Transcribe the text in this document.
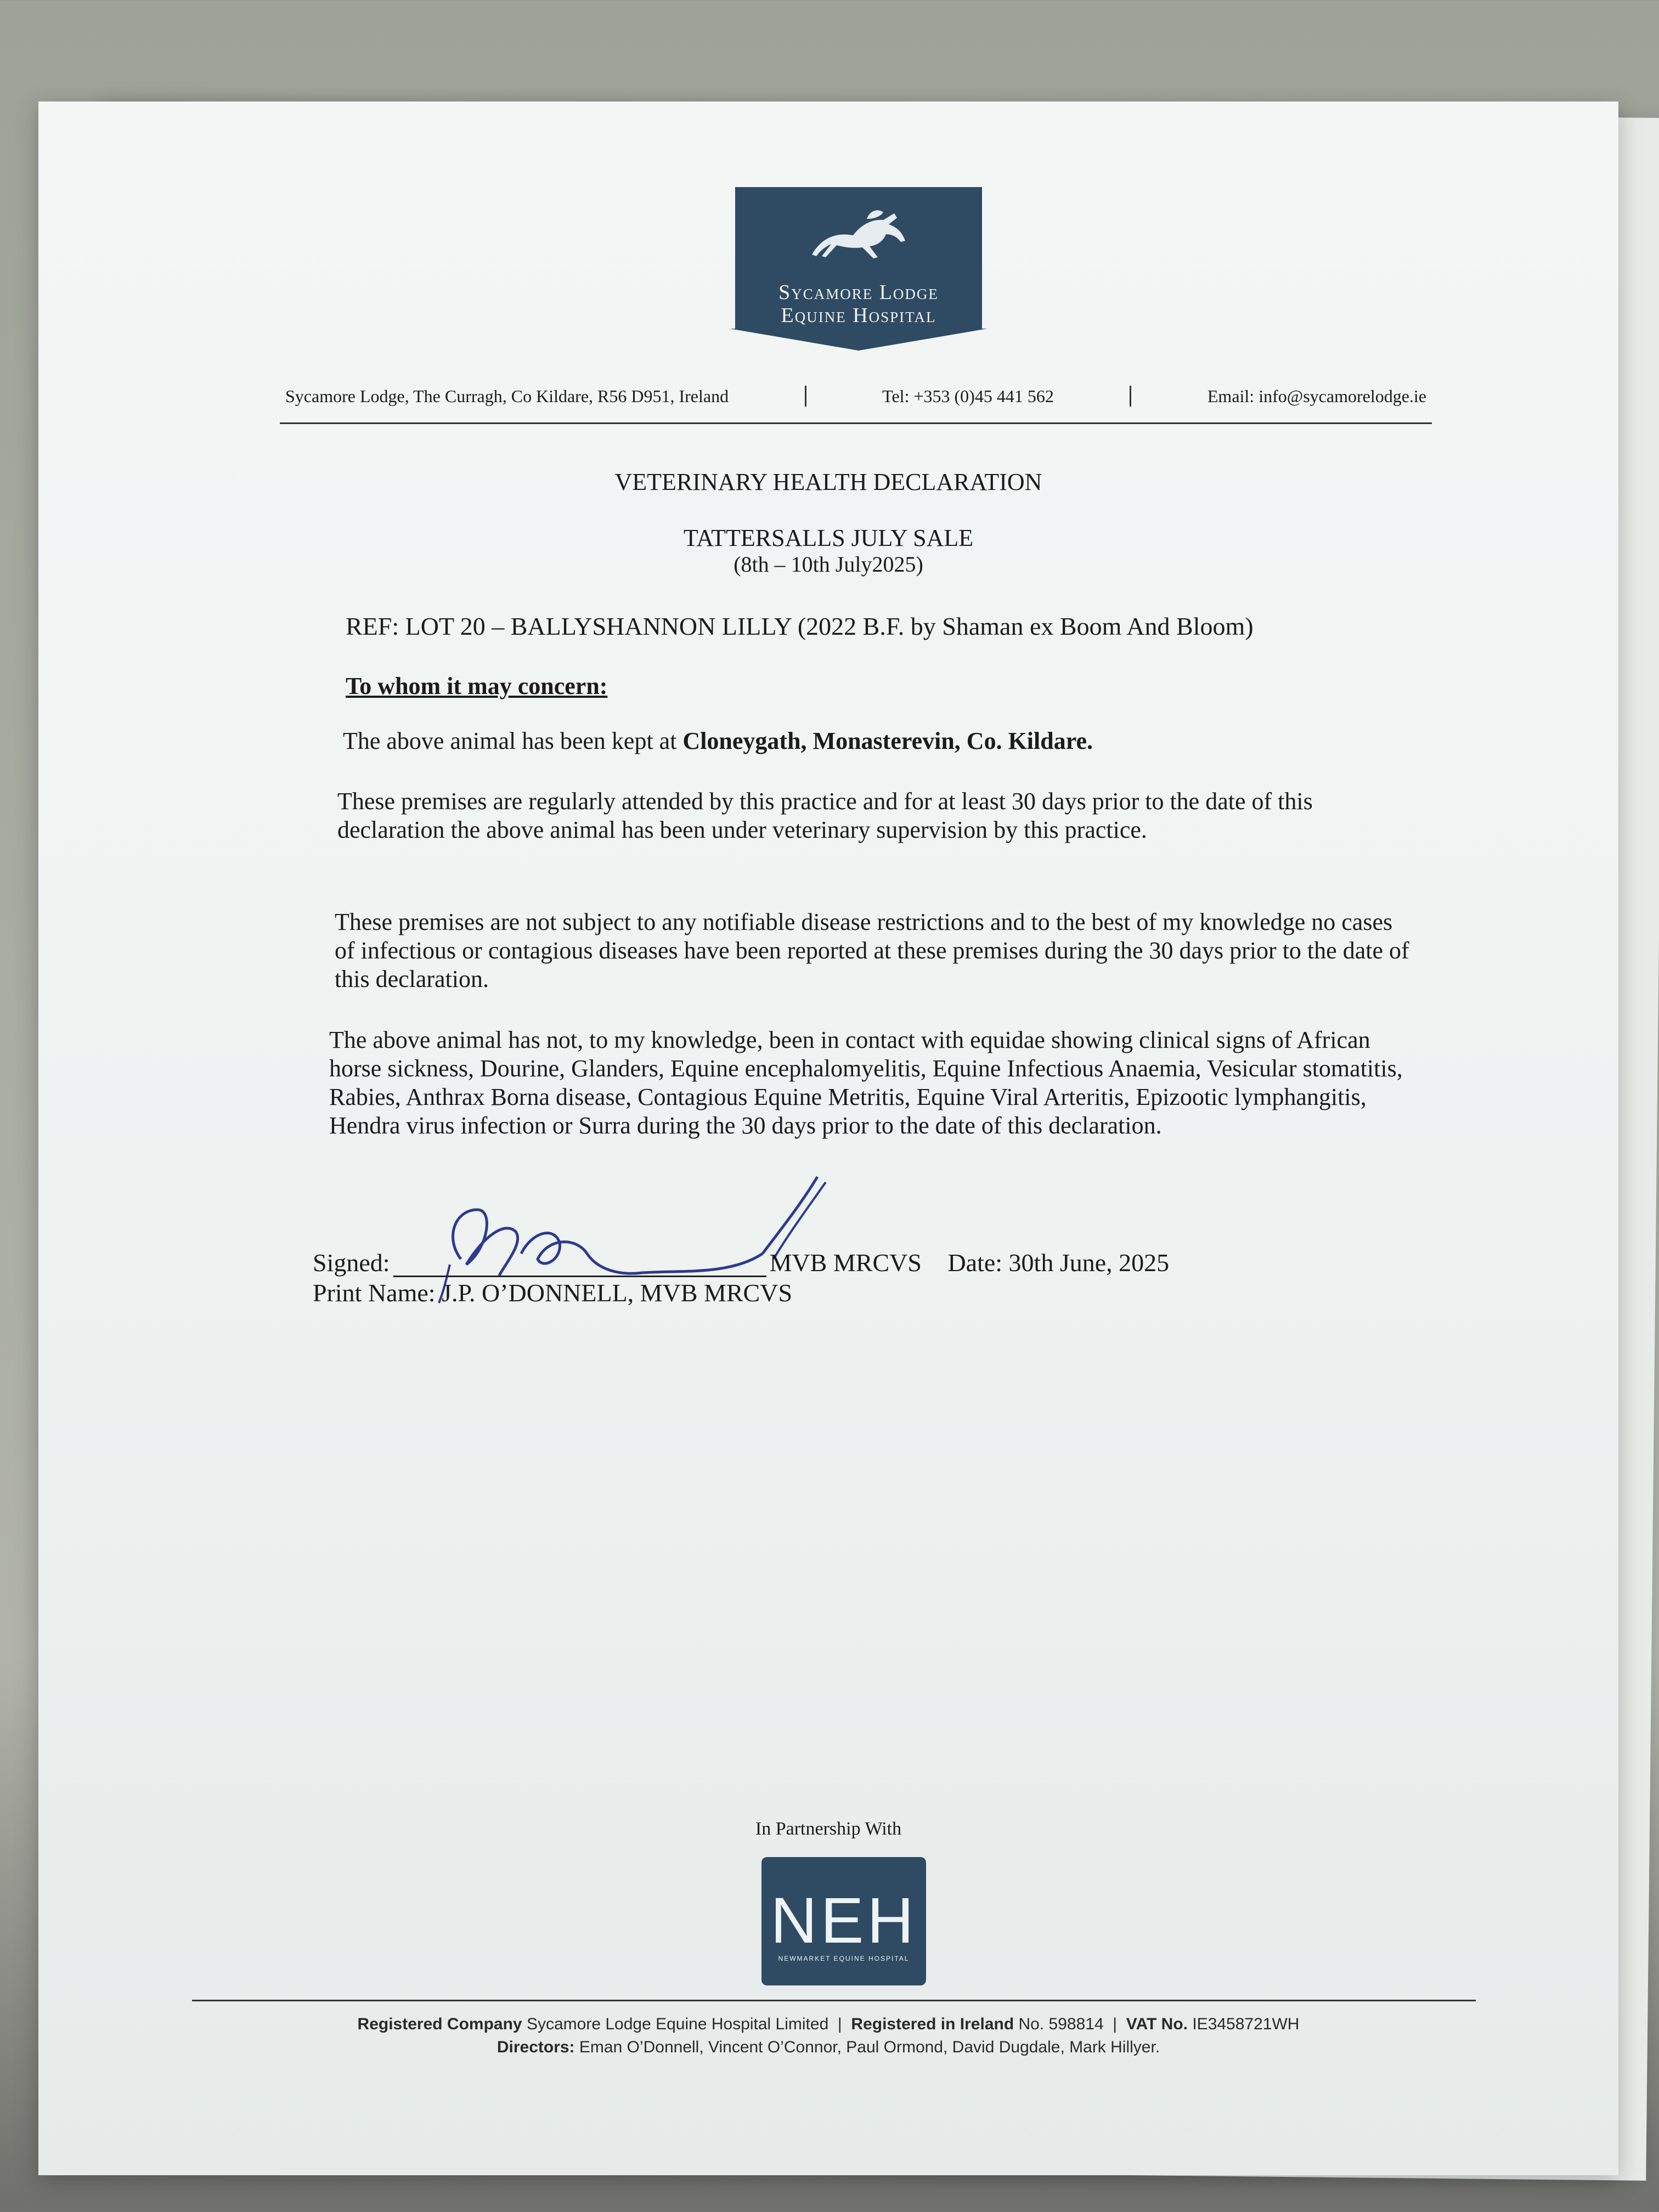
Sycamore Lodge
Equine Hospital
Sycamore Lodge, The Curragh, Co Kildare, R56 D951, Ireland	Tel: +353 (0)45 441 562	Email: info@sycamorelodge.ie
VETERINARY HEALTH DECLARATION
TATTERSALLS JULY SALE
(8th – 10th July2025)
REF: LOT 20 – BALLYSHANNON LILLY (2022 B.F. by Shaman ex Boom And Bloom)
To whom it may concern:
The above animal has been kept at Cloneygath, Monasterevin, Co. Kildare.
These premises are regularly attended by this practice and for at least 30 days prior to the date of this declaration the above animal has been under veterinary supervision by this practice.
These premises are not subject to any notifiable disease restrictions and to the best of my knowledge no cases of infectious or contagious diseases have been reported at these premises during the 30 days prior to the date of this declaration.
The above animal has not, to my knowledge, been in contact with equidae showing clinical signs of African horse sickness, Dourine, Glanders, Equine encephalomyelitis, Equine Infectious Anaemia, Vesicular stomatitis, Rabies, Anthrax Borna disease, Contagious Equine Metritis, Equine Viral Arteritis, Epizootic lymphangitis, Hendra virus infection or Surra during the 30 days prior to the date of this declaration.
Signed:	MVB MRCVS Date: 30th June, 2025
Print Name: J.P. O’DONNELL, MVB MRCVS
In Partnership With
NEH
NEWMARKET EQUINE HOSPITAL
Registered Company Sycamore Lodge Equine Hospital Limited  |  Registered in Ireland No. 598814  |  VAT No. IE3458721WH
Directors: Eman O’Donnell, Vincent O’Connor, Paul Ormond, David Dugdale, Mark Hillyer.
